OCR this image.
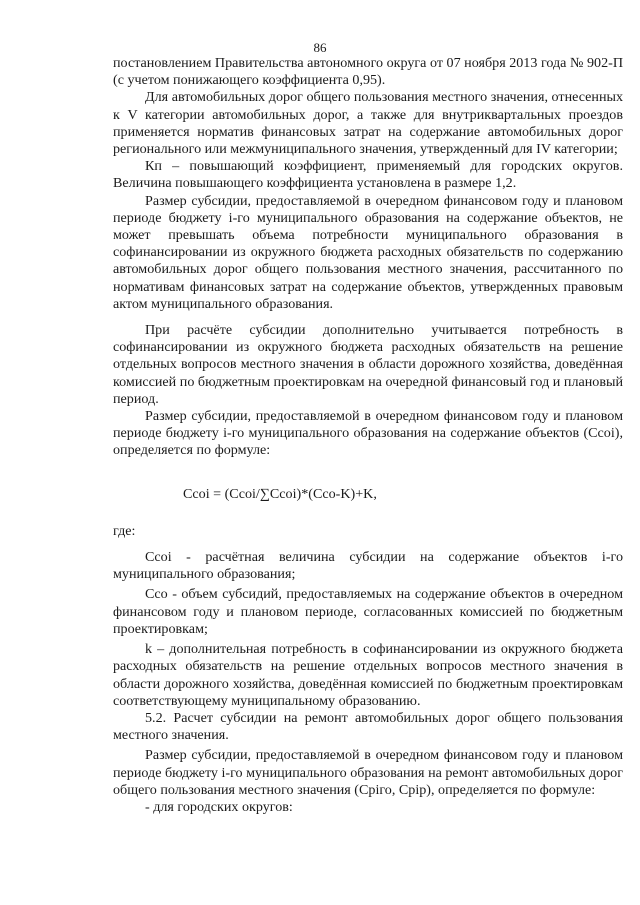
86

постановлением Правительства автономного округа от 07 ноября 2013 года № 902-П (с учетом понижающего коэффициента 0,95).

Для автомобильных дорог общего пользования местного значения, отнесенных к V категории автомобильных дорог, а также для внутриквартальных проездов применяется норматив финансовых затрат на содержание автомобильных дорог регионального или межмуниципального значения, утвержденный для IV категории;

Кп – повышающий коэффициент, применяемый для городских округов. Величина повышающего коэффициента установлена в размере 1,2.

Размер субсидии, предоставляемой в очередном финансовом году и плановом периоде бюджету i-го муниципального образования на содержание объектов, не может превышать объема потребности муниципального образования в софинансировании из окружного бюджета расходных обязательств по содержанию автомобильных дорог общего пользования местного значения, рассчитанного по нормативам финансовых затрат на содержание объектов, утвержденных правовым актом муниципального образования.

При расчёте субсидии дополнительно учитывается потребность в софинансировании из окружного бюджета расходных обязательств на решение отдельных вопросов местного значения в области дорожного хозяйства, доведённая комиссией по бюджетным проектировкам на очередной финансовый год и плановый период.

Размер субсидии, предоставляемой в очередном финансовом году и плановом периоде бюджету i-го муниципального образования на содержание объектов (Ccoi), определяется по формуле:

Ccoi = (Ccoi/∑Ccoi)*(Cco-K)+K,

где:

Ccoi - расчётная величина субсидии на содержание объектов i-го муниципального образования;

Cco - объем субсидий, предоставляемых на содержание объектов в очередном финансовом году и плановом периоде, согласованных комиссией по бюджетным проектировкам;

k – дополнительная потребность в софинансировании из окружного бюджета расходных обязательств на решение отдельных вопросов местного значения в области дорожного хозяйства, доведённая комиссией по бюджетным проектировкам соответствующему муниципальному образованию.

5.2. Расчет субсидии на ремонт автомобильных дорог общего пользования местного значения.

Размер субсидии, предоставляемой в очередном финансовом году и плановом периоде бюджету i-го муниципального образования на ремонт автомобильных дорог общего пользования местного значения (Cpiго, Cpip), определяется по формуле:

- для городских округов:
